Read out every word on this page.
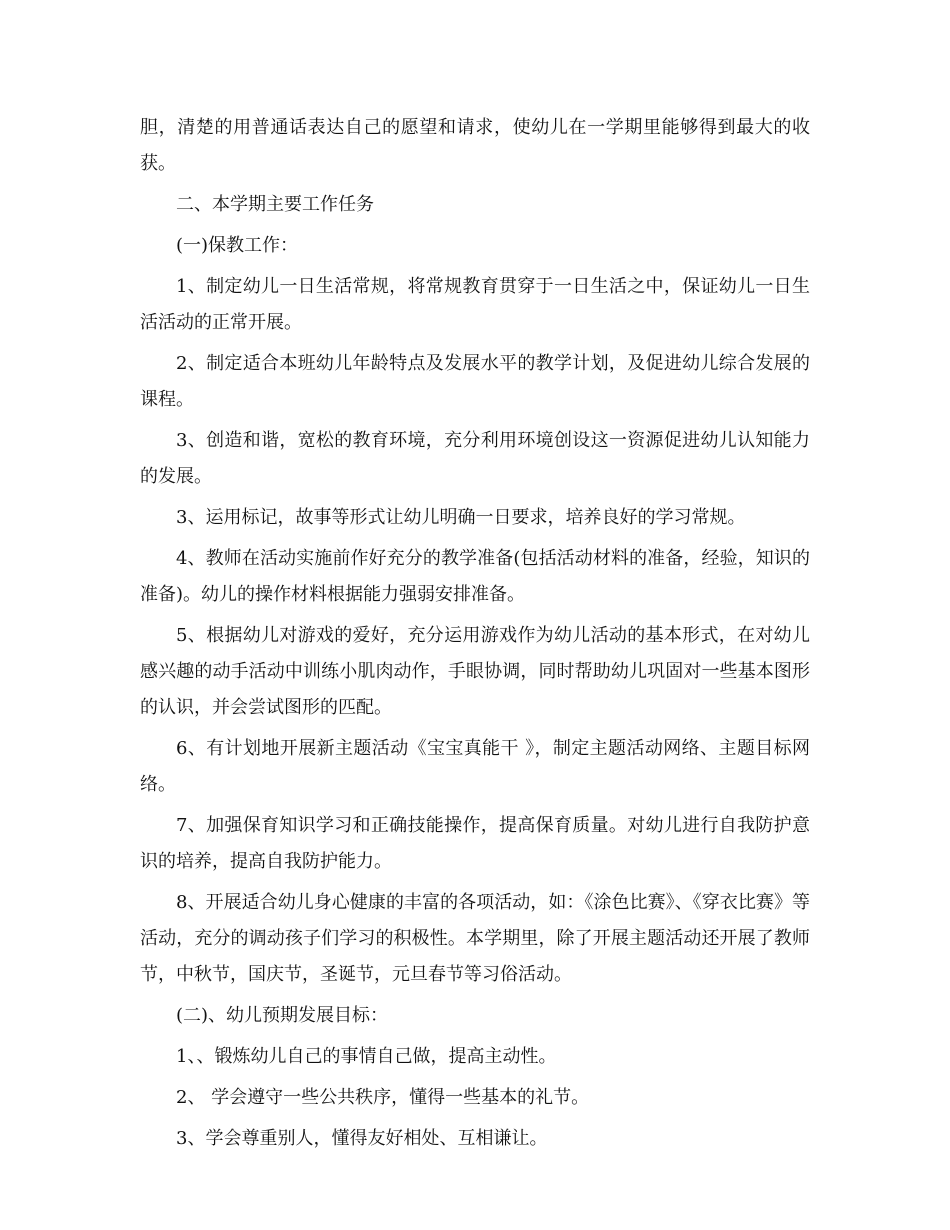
胆，清楚的用普通话表达自己的愿望和请求，使幼儿在一学期里能够得到最大的收获。

二、本学期主要工作任务

(一)保教工作：

1、制定幼儿一日生活常规，将常规教育贯穿于一日生活之中，保证幼儿一日生活活动的正常开展。

2、制定适合本班幼儿年龄特点及发展水平的教学计划，及促进幼儿综合发展的课程。

3、创造和谐，宽松的教育环境，充分利用环境创设这一资源促进幼儿认知能力的发展。

3、运用标记，故事等形式让幼儿明确一日要求，培养良好的学习常规。

4、教师在活动实施前作好充分的教学准备(包括活动材料的准备，经验，知识的准备)。幼儿的操作材料根据能力强弱安排准备。

5、根据幼儿对游戏的爱好，充分运用游戏作为幼儿活动的基本形式，在对幼儿感兴趣的动手活动中训练小肌肉动作，手眼协调，同时帮助幼儿巩固对一些基本图形的认识，并会尝试图形的匹配。

6、有计划地开展新主题活动《宝宝真能干 》，制定主题活动网络、主题目标网络。

7、加强保育知识学习和正确技能操作，提高保育质量。对幼儿进行自我防护意识的培养，提高自我防护能力。

8、开展适合幼儿身心健康的丰富的各项活动，如：《涂色比赛》、《穿衣比赛》等活动，充分的调动孩子们学习的积极性。本学期里，除了开展主题活动还开展了教师节，中秋节，国庆节，圣诞节，元旦春节等习俗活动。

(二)、幼儿预期发展目标：

1、、锻炼幼儿自己的事情自己做，提高主动性。

2、 学会遵守一些公共秩序，懂得一些基本的礼节。

3、学会尊重别人，懂得友好相处、互相谦让。
